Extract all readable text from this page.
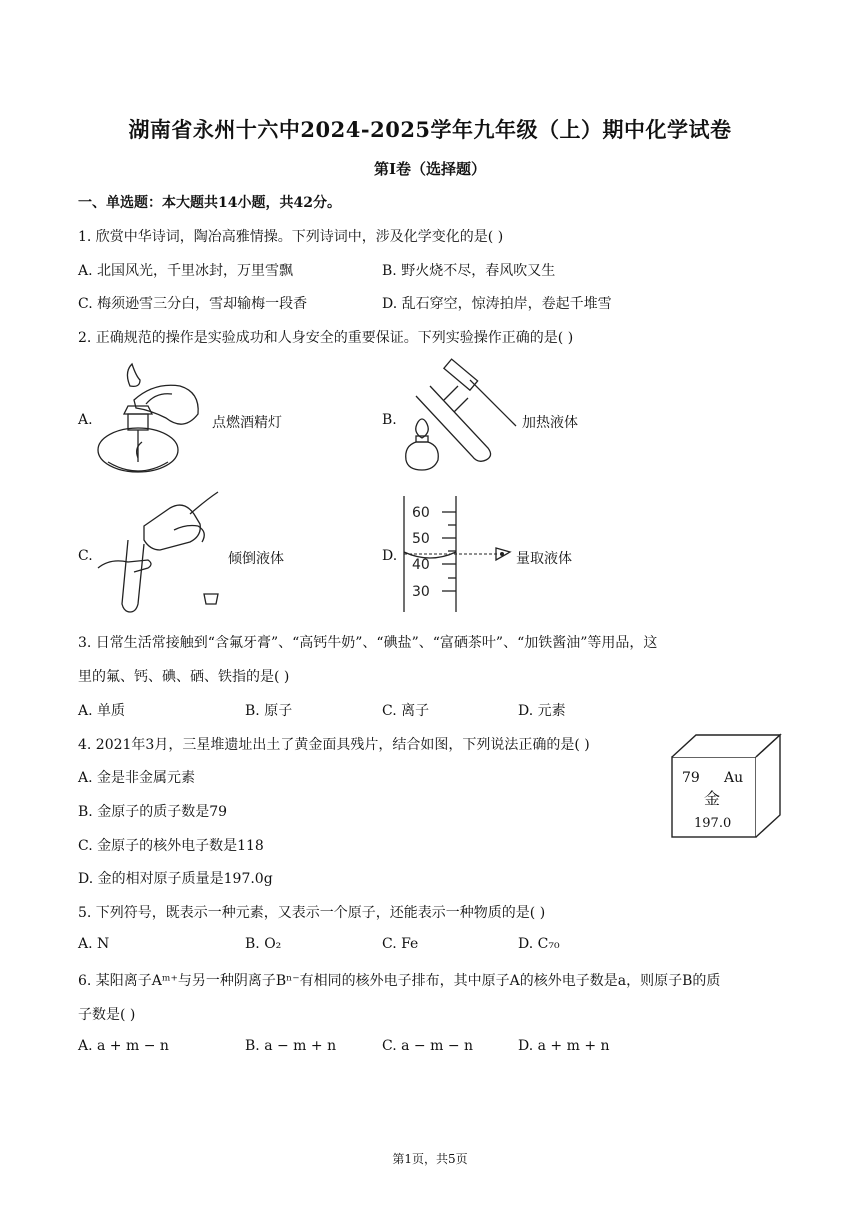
湖南省永州十六中2024-2025学年九年级（上）期中化学试卷
第I卷（选择题）
一、单选题：本大题共14小题，共42分。
1. 欣赏中华诗词，陶冶高雅情操。下列诗词中，涉及化学变化的是( )
A. 北国风光，千里冰封，万里雪飘	B. 野火烧不尽，春风吹又生
C. 梅须逊雪三分白，雪却输梅一段香	D. 乱石穿空，惊涛拍岸，卷起千堆雪
2. 正确规范的操作是实验成功和人身安全的重要保证。下列实验操作正确的是( )
A.	点燃酒精灯	B.	加热液体
C.	倾倒液体	D.
60
50
40
30
量取液体
3. 日常生活常接触到“含氟牙膏”、“高钙牛奶”、“碘盐”、“富硒茶叶”、“加铁酱油”等用品，这
里的氟、钙、碘、硒、铁指的是( )
A. 单质	B. 原子	C. 离子	D. 元素
4. 2021年3月，三星堆遗址出土了黄金面具残片，结合如图，下列说法正确的是( )
A. 金是非金属元素
B. 金原子的质子数是79
C. 金原子的核外电子数是118
D. 金的相对原子质量是197.0g
79 Au
金
197.0
5. 下列符号，既表示一种元素，又表示一个原子，还能表示一种物质的是( )
A. N	B. O₂	C. Fe	D. C₇₀
6. 某阳离子Aᵐ⁺与另一种阴离子Bⁿ⁻有相同的核外电子排布，其中原子A的核外电子数是a，则原子B的质
子数是( )
A. a + m − n	B. a − m + n	C. a − m − n	D. a + m + n
第1页，共5页
